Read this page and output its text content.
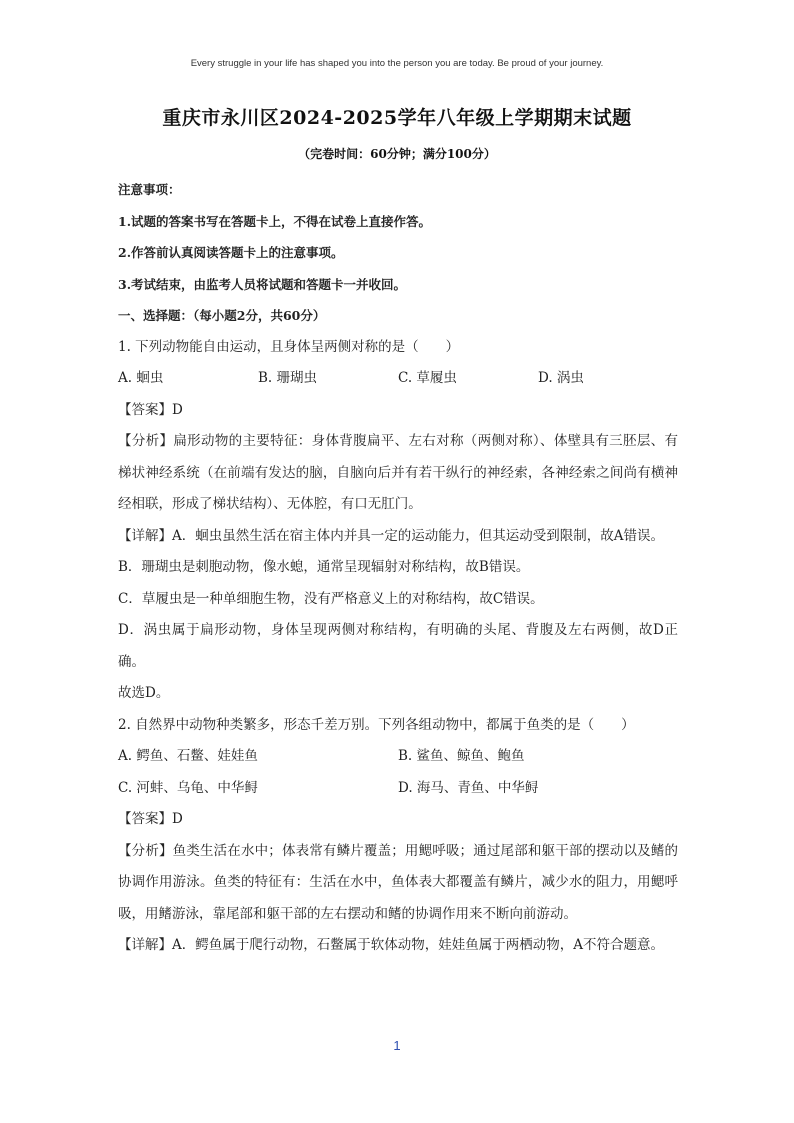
Every struggle in your life has shaped you into the person you are today. Be proud of your journey.
重庆市永川区2024-2025学年八年级上学期期末试题
（完卷时间：60分钟；满分100分）
注意事项：
1.试题的答案书写在答题卡上，不得在试卷上直接作答。
2.作答前认真阅读答题卡上的注意事项。
3.考试结束，由监考人员将试题和答题卡一并收回。
一、选择题：（每小题2分，共60分）
1. 下列动物能自由运动，且身体呈两侧对称的是（　　）
A. 蛔虫	B. 珊瑚虫	C. 草履虫	D. 涡虫
【答案】D
【分析】扁形动物的主要特征：身体背腹扁平、左右对称（两侧对称）、体壁具有三胚层、有梯状神经系统（在前端有发达的脑，自脑向后并有若干纵行的神经索，各神经索之间尚有横神经相联，形成了梯状结构）、无体腔，有口无肛门。
【详解】A．蛔虫虽然生活在宿主体内并具一定的运动能力，但其运动受到限制，故A错误。
B．珊瑚虫是刺胞动物，像水螅，通常呈现辐射对称结构，故B错误。
C．草履虫是一种单细胞生物，没有严格意义上的对称结构，故C错误。
D．涡虫属于扁形动物，身体呈现两侧对称结构，有明确的头尾、背腹及左右两侧，故D正确。
故选D。
2. 自然界中动物种类繁多，形态千差万别。下列各组动物中，都属于鱼类的是（　　）
A. 鳄鱼、石鳖、娃娃鱼	B. 鲨鱼、鲸鱼、鲍鱼
C. 河蚌、乌龟、中华鲟	D. 海马、青鱼、中华鲟
【答案】D
【分析】鱼类生活在水中；体表常有鳞片覆盖；用鳃呼吸；通过尾部和躯干部的摆动以及鳍的协调作用游泳。鱼类的特征有：生活在水中，鱼体表大都覆盖有鳞片，减少水的阻力，用鳃呼吸，用鳍游泳，靠尾部和躯干部的左右摆动和鳍的协调作用来不断向前游动。
【详解】A．鳄鱼属于爬行动物，石鳖属于软体动物，娃娃鱼属于两栖动物，A不符合题意。
1
